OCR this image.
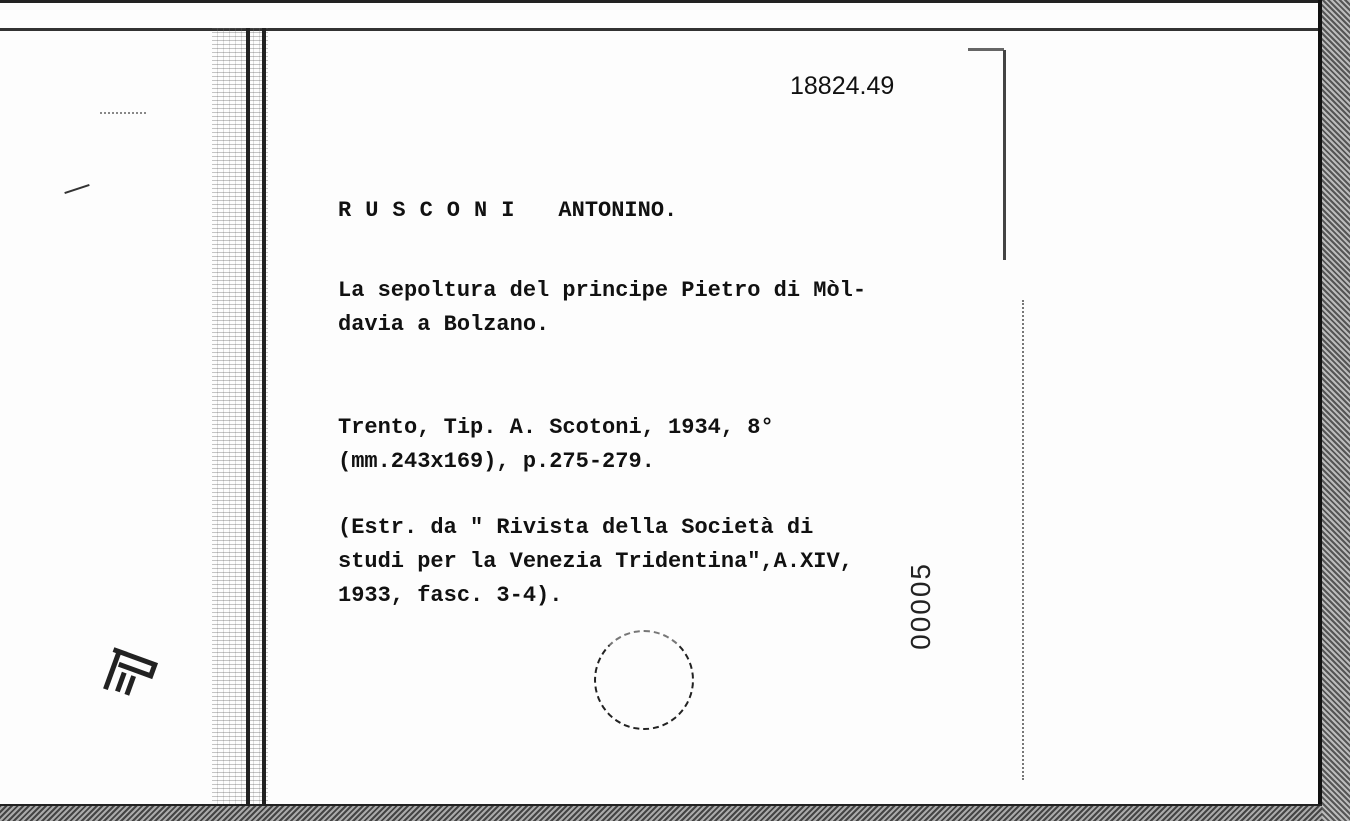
18824.49
RUSCONI ANTONINO.
La sepoltura del principe Pietro di Mòl-
davia a Bolzano.
Trento, Tip. A. Scotoni, 1934, 8°
(mm.243x169), p.275-279.
(Estr. da " Rivista della Società di
studi per la Venezia Tridentina",A.XIV,
1933, fasc. 3-4).	00005
